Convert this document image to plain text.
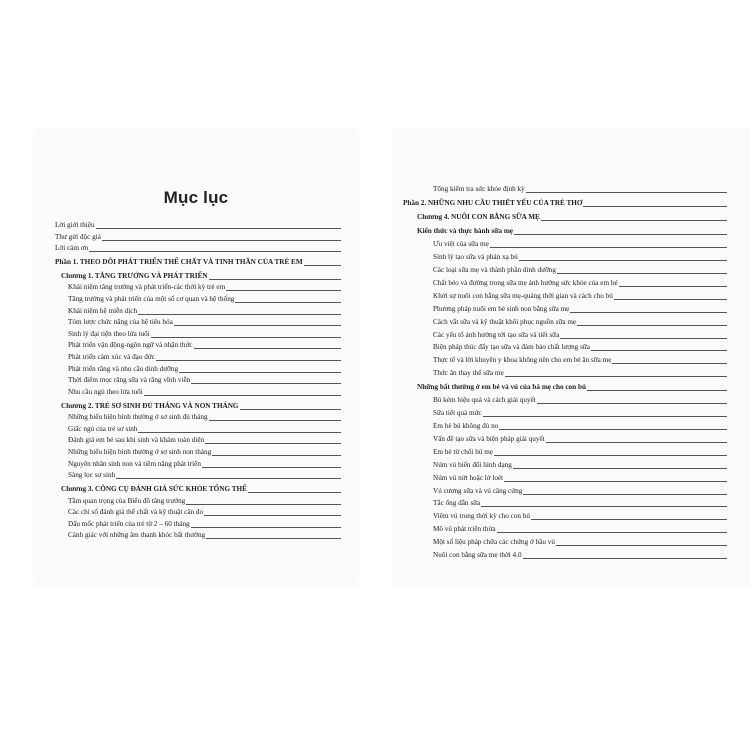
Mục lục
Lời giới thiệu
Thư gửi độc giả
Lời cảm ơn
Phần 1. THEO DÕI PHÁT TRIỂN THỂ CHẤT VÀ TINH THẦN CỦA TRẺ EM
Chương 1. TĂNG TRƯỞNG VÀ PHÁT TRIỂN
Khái niệm tăng trưởng và phát triển-các thời kỳ trẻ em
Tăng trưởng và phát triển của một số cơ quan và hệ thống
Khái niệm hệ miễn dịch
Tóm lược chức năng của hệ tiêu hóa
Sinh lý đại tiện theo lứa tuổi
Phát triển vận động-ngôn ngữ và nhận thức
Phát triển cảm xúc và đạo đức
Phát triển răng và nhu cầu dinh dưỡng
Thời điểm mọc răng sữa và răng vĩnh viễn
Nhu cầu ngủ theo lứa tuổi
Chương 2. TRẺ SƠ SINH ĐỦ THÁNG VÀ NON THÁNG
Những biểu hiện bình thường ở sơ sinh đủ tháng
Giấc ngủ của trẻ sơ sinh
Đánh giá em bé sau khi sinh và khám toàn diện
Những biểu hiện bình thường ở sơ sinh non tháng
Nguyên nhân sinh non và tiêm năng phát triển
Sàng lọc sơ sinh
Chương 3. CÔNG CỤ ĐÁNH GIÁ SỨC KHỎE TỔNG THỂ
Tầm quan trọng của Biểu đồ tăng trưởng
Các chỉ số đánh giá thể chất và kỹ thuật cân đo
Dấu mốc phát triển của trẻ từ 2 – 60 tháng
Cảnh giác với những âm thanh khóc bất thường
Tổng kiểm tra sức khỏe định kỳ
Phần 2. NHỮNG NHU CẦU THIẾT YẾU CỦA TRẺ THƠ
Chương 4. NUÔI CON BẰNG SỮA MẸ
Kiến thức và thực hành sữa mẹ
Ưu việt của sữa mẹ
Sinh lý tạo sữa và phản xạ bú
Các loại sữa mẹ và thành phần dinh dưỡng
Chất béo và đường trong sữa mẹ ảnh hưởng sức khỏe của em bé
Khởi sự nuôi con bằng sữa mẹ-quảng thời gian và cách cho bú
Phương pháp nuôi em bé sinh non bằng sữa mẹ
Cách vắt sữa và kỹ thuật khôi phục nguồn sữa mẹ
Các yếu tố ảnh hưởng tới tạo sữa và tiết sữa
Biện pháp thúc đẩy tạo sữa và đảm bảo chất lượng sữa
Thực tế và lời khuyên y khoa không nên cho em bé ăn sữa mẹ
Thức ăn thay thế sữa mẹ
Những bất thường ở em bé và vú của bà mẹ cho con bú
Bú kém hiệu quả và cách giải quyết
Sữa tiết quá mức
Em bé bú không đủ no
Vấn đề tạo sữa và biện pháp giải quyết
Em bé từ chối bú mẹ
Núm vú biến đổi hình dạng
Núm vú nứt hoặc lở loét
Vú cương sữa và vú căng cứng
Tắc ống dẫn sữa
Viêm vú trong thời kỳ cho con bú
Mô vú phát triển thừa
Một số liệu pháp chữa các chứng ở bầu vú
Nuôi con bằng sữa mẹ thời 4.0
